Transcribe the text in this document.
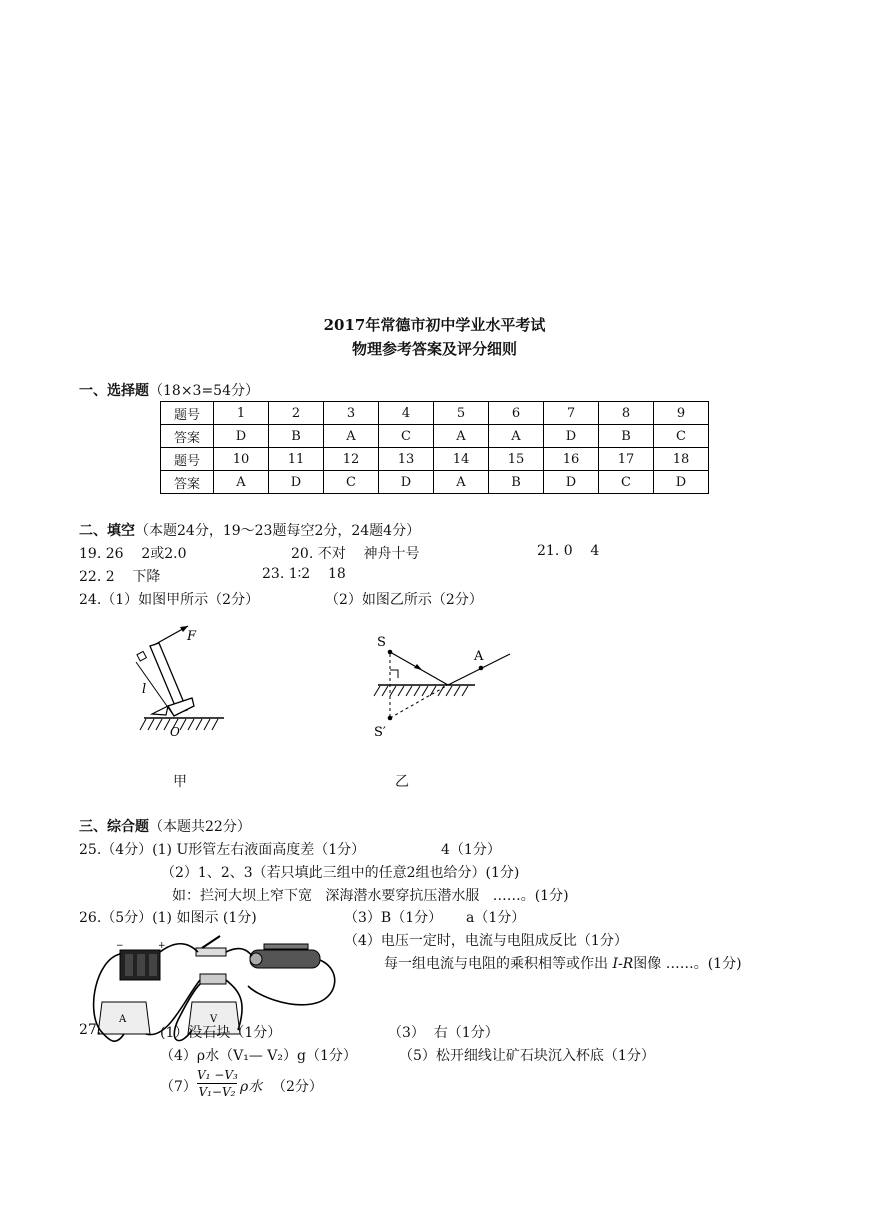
2017年常德市初中学业水平考试
物理参考答案及评分细则
一、选择题（18×3=54分）
题号	1	2	3	4	5	6	7	8	9
答案	D	B	A	C	A	A	D	B	C
题号	10	11	12	13	14	15	16	17	18
答案	A	D	C	D	A	B	D	C	D
二、填空（本题24分，19～23题每空2分，24题4分）
19. 26    2或2.0	20. 不对    神舟十号	21. 0    4
22. 2    下降	23. 1∶2    18
24.（1）如图甲所示（2分）	（2）如图乙所示（2分）
F
l
O
S
A
S′
甲	乙
三、综合题（本题共22分）
25.（4分）(1) U形管左右液面高度差（1分）	4（1分）
（2）1、2、3（若只填此三组中的任意2组也给分）(1分)
如：拦河大坝上窄下宽   深海潜水要穿抗压潜水服   ……。(1分)
26.（5分）(1) 如图示 (1分)	（3）B（1分） a（1分）
（4）电压一定时，电流与电阻成反比（1分）
每一组电流与电阻的乘积相等或作出 I-R图像 ……。(1分)
−	+
A	V
27.	(1）没石块（1分）	（3）  右（1分）
（4）ρ水（V₁— V₂）g（1分）	（5）松开细线让矿石块沉入杯底（1分）
$(7) \frac{\text{V₁ −V₃}}{\text{V₁−V₂}}$ ρ水 （2分）
